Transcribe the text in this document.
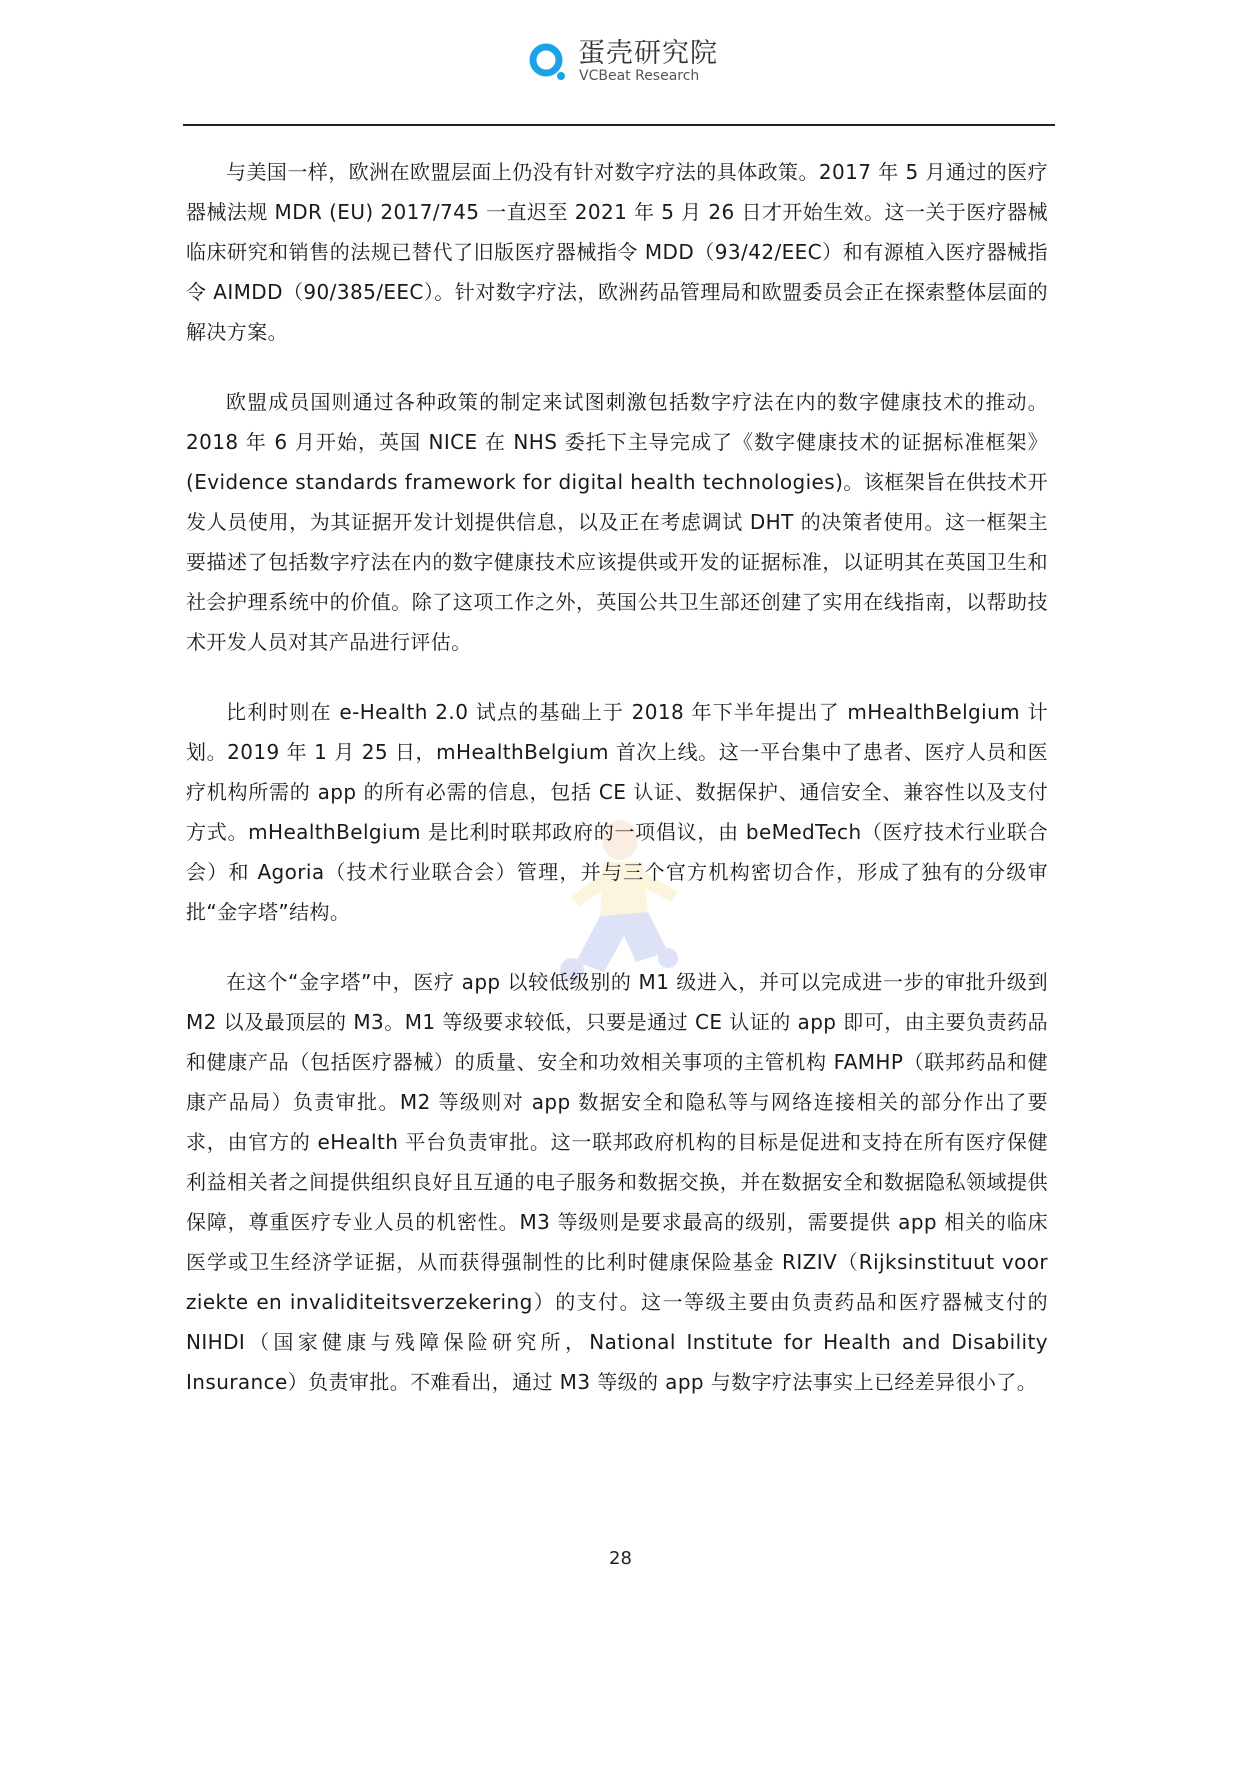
蛋壳研究院
VCBeat Research

与美国一样，欧洲在欧盟层面上仍没有针对数字疗法的具体政策。2017 年 5 月通过的医疗器械法规 MDR (EU) 2017/745 一直迟至 2021 年 5 月 26 日才开始生效。这一关于医疗器械临床研究和销售的法规已替代了旧版医疗器械指令 MDD（93/42/EEC）和有源植入医疗器械指令 AIMDD（90/385/EEC）。针对数字疗法，欧洲药品管理局和欧盟委员会正在探索整体层面的解决方案。

欧盟成员国则通过各种政策的制定来试图刺激包括数字疗法在内的数字健康技术的推动。2018 年 6 月开始，英国 NICE 在 NHS 委托下主导完成了《数字健康技术的证据标准框架》(Evidence standards framework for digital health technologies)。该框架旨在供技术开发人员使用，为其证据开发计划提供信息，以及正在考虑调试 DHT 的决策者使用。这一框架主要描述了包括数字疗法在内的数字健康技术应该提供或开发的证据标准，以证明其在英国卫生和社会护理系统中的价值。除了这项工作之外，英国公共卫生部还创建了实用在线指南，以帮助技术开发人员对其产品进行评估。

比利时则在 e-Health 2.0 试点的基础上于 2018 年下半年提出了 mHealthBelgium 计划。2019 年 1 月 25 日，mHealthBelgium 首次上线。这一平台集中了患者、医疗人员和医疗机构所需的 app 的所有必需的信息，包括 CE 认证、数据保护、通信安全、兼容性以及支付方式。mHealthBelgium 是比利时联邦政府的一项倡议，由 beMedTech（医疗技术行业联合会）和 Agoria（技术行业联合会）管理，并与三个官方机构密切合作，形成了独有的分级审批“金字塔”结构。

在这个“金字塔”中，医疗 app 以较低级别的 M1 级进入，并可以完成进一步的审批升级到 M2 以及最顶层的 M3。M1 等级要求较低，只要是通过 CE 认证的 app 即可，由主要负责药品和健康产品（包括医疗器械）的质量、安全和功效相关事项的主管机构 FAMHP（联邦药品和健康产品局）负责审批。M2 等级则对 app 数据安全和隐私等与网络连接相关的部分作出了要求，由官方的 eHealth 平台负责审批。这一联邦政府机构的目标是促进和支持在所有医疗保健利益相关者之间提供组织良好且互通的电子服务和数据交换，并在数据安全和数据隐私领域提供保障，尊重医疗专业人员的机密性。M3 等级则是要求最高的级别，需要提供 app 相关的临床医学或卫生经济学证据，从而获得强制性的比利时健康保险基金 RIZIV（Rijksinstituut voor ziekte en invaliditeitsverzekering）的支付。这一等级主要由负责药品和医疗器械支付的 NIHDI（国家健康与残障保险研究所，National Institute for Health and Disability Insurance）负责审批。不难看出，通过 M3 等级的 app 与数字疗法事实上已经差异很小了。

28
